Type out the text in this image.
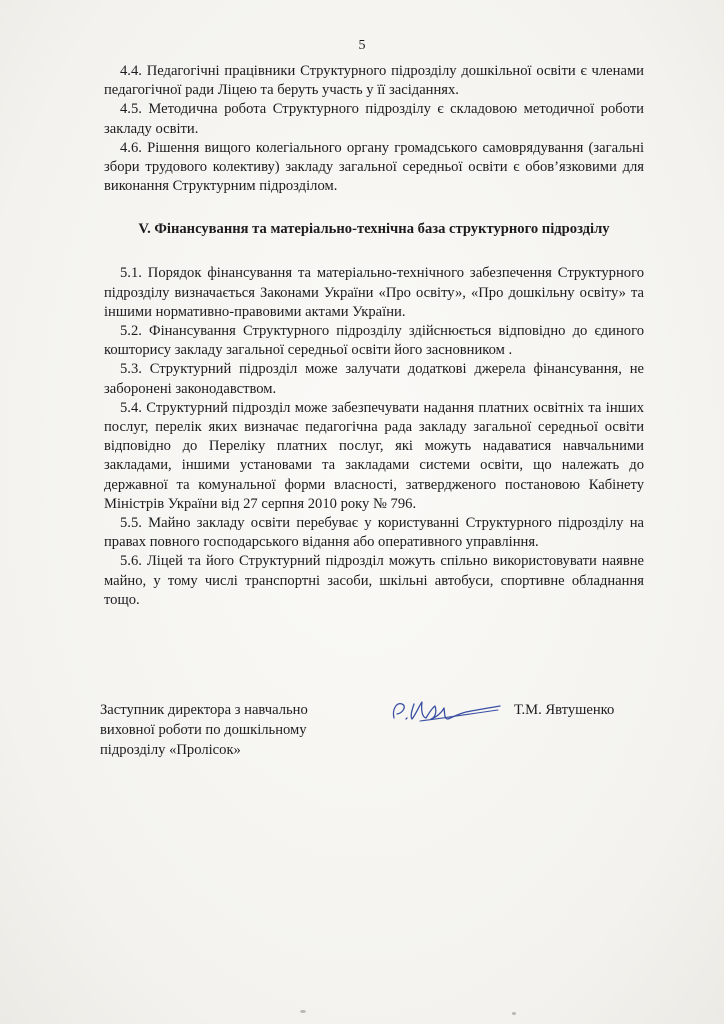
5

4.4. Педагогічні працівники Структурного підрозділу дошкільної освіти є членами педагогічної ради Ліцею та беруть участь у її засіданнях.

4.5. Методична робота Структурного підрозділу є складовою методичної роботи закладу освіти.

4.6. Рішення вищого колегіального органу громадського самоврядування (загальні збори трудового колективу) закладу загальної середньої освіти є обов’язковими для виконання Структурним підрозділом.

V. Фінансування та матеріально-технічна база структурного підрозділу

5.1. Порядок фінансування та матеріально-технічного забезпечення Структурного підрозділу визначається Законами України «Про освіту», «Про дошкільну освіту» та іншими нормативно-правовими актами України.

5.2. Фінансування Структурного підрозділу здійснюється відповідно до єдиного кошторису закладу загальної середньої освіти його засновником .

5.3. Структурний підрозділ може залучати додаткові джерела фінансування, не заборонені законодавством.

5.4. Структурний підрозділ може забезпечувати надання платних освітніх та інших послуг, перелік яких визначає педагогічна рада закладу загальної середньої освіти відповідно до Переліку платних послуг, які можуть надаватися навчальними закладами, іншими установами та закладами системи освіти, що належать до державної та комунальної форми власності, затвердженого постановою Кабінету Міністрів України від 27 серпня 2010 року № 796.

5.5. Майно закладу освіти перебуває у користуванні Структурного підрозділу на правах повного господарського відання або оперативного управління.

5.6. Ліцей та його Структурний підрозділ можуть спільно використовувати наявне майно, у тому числі транспортні засоби, шкільні автобуси, спортивне обладнання тощо.

Заступник директора з навчально
виховної роботи по дошкільному
підрозділу «Пролісок»
Т.М. Явтушенко
